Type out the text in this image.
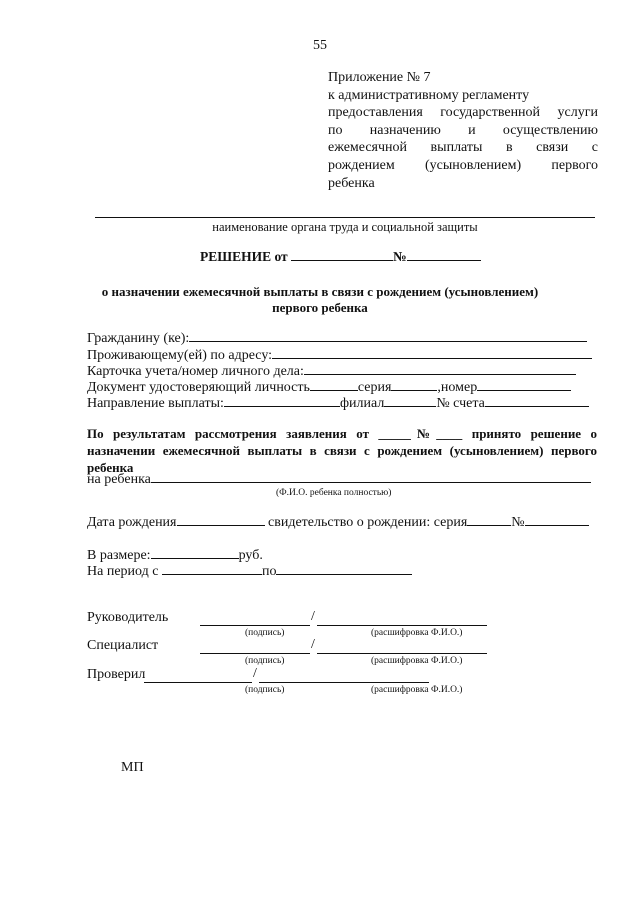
55
Приложение № 7
к административному регламенту
предоставления государственной услуги
по назначению и осуществлению
ежемесячной выплаты в связи с
рождением (усыновлением) первого
ребенка
наименование органа труда и социальной защиты
РЕШЕНИЕ от	№
о назначении ежемесячной выплаты в связи с рождением (усыновлением)
первого ребенка
Гражданину (ке):
Проживающему(ей) по адресу:
Карточка учета/номер личного дела:
Документ удостоверяющий личность	серия	,номер
Направление выплаты:	филиал	№ счета
По результатам рассмотрения заявления от _____№____ принято решение о
назначении ежемесячной выплаты в связи с рождением (усыновлением) первого
ребенка
на ребенка
(Ф.И.О. ребенка полностью)
Дата рождения	свидетельство о рождении: серия	№
В размере:	руб.
На период с	по
Руководитель	/
(подпись)	(расшифровка Ф.И.О.)
Специалист	/
(подпись)	(расшифровка Ф.И.О.)
Проверил	/
(подпись)	(расшифровка Ф.И.О.)
МП
